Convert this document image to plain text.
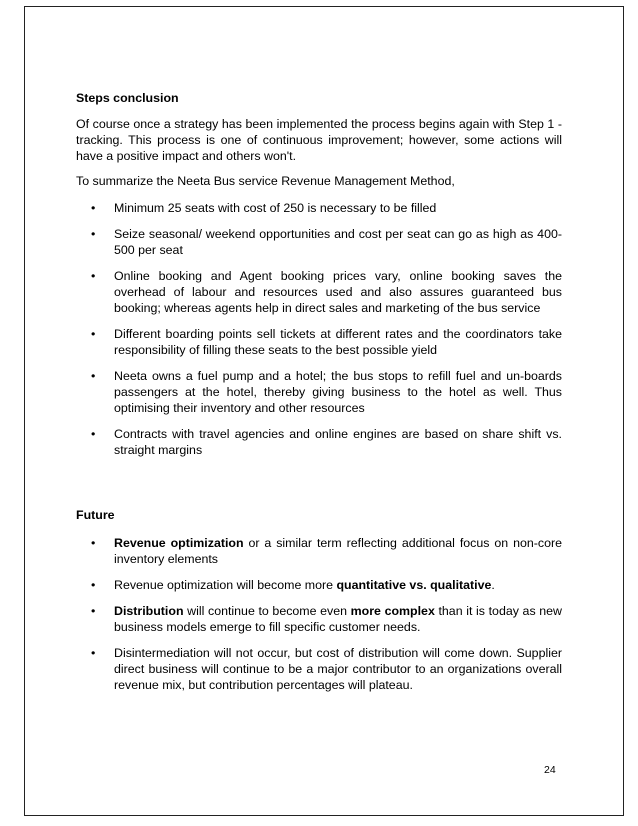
Steps conclusion

Of course once a strategy has been implemented the process begins again with Step 1 - tracking. This process is one of continuous improvement; however, some actions will have a positive impact and others won't.

To summarize the Neeta Bus service Revenue Management Method,

• Minimum 25 seats with cost of 250 is necessary to be filled
• Seize seasonal/ weekend opportunities and cost per seat can go as high as 400-500 per seat
• Online booking and Agent booking prices vary, online booking saves the overhead of labour and resources used and also assures guaranteed bus booking; whereas agents help in direct sales and marketing of the bus service
• Different boarding points sell tickets at different rates and the coordinators take responsibility of filling these seats to the best possible yield
• Neeta owns a fuel pump and a hotel; the bus stops to refill fuel and un-boards passengers at the hotel, thereby giving business to the hotel as well. Thus optimising their inventory and other resources
• Contracts with travel agencies and online engines are based on share shift vs. straight margins

Future

• Revenue optimization or a similar term reflecting additional focus on non-core inventory elements
• Revenue optimization will become more quantitative vs. qualitative.
• Distribution will continue to become even more complex than it is today as new business models emerge to fill specific customer needs.
• Disintermediation will not occur, but cost of distribution will come down. Supplier direct business will continue to be a major contributor to an organizations overall revenue mix, but contribution percentages will plateau.
24
